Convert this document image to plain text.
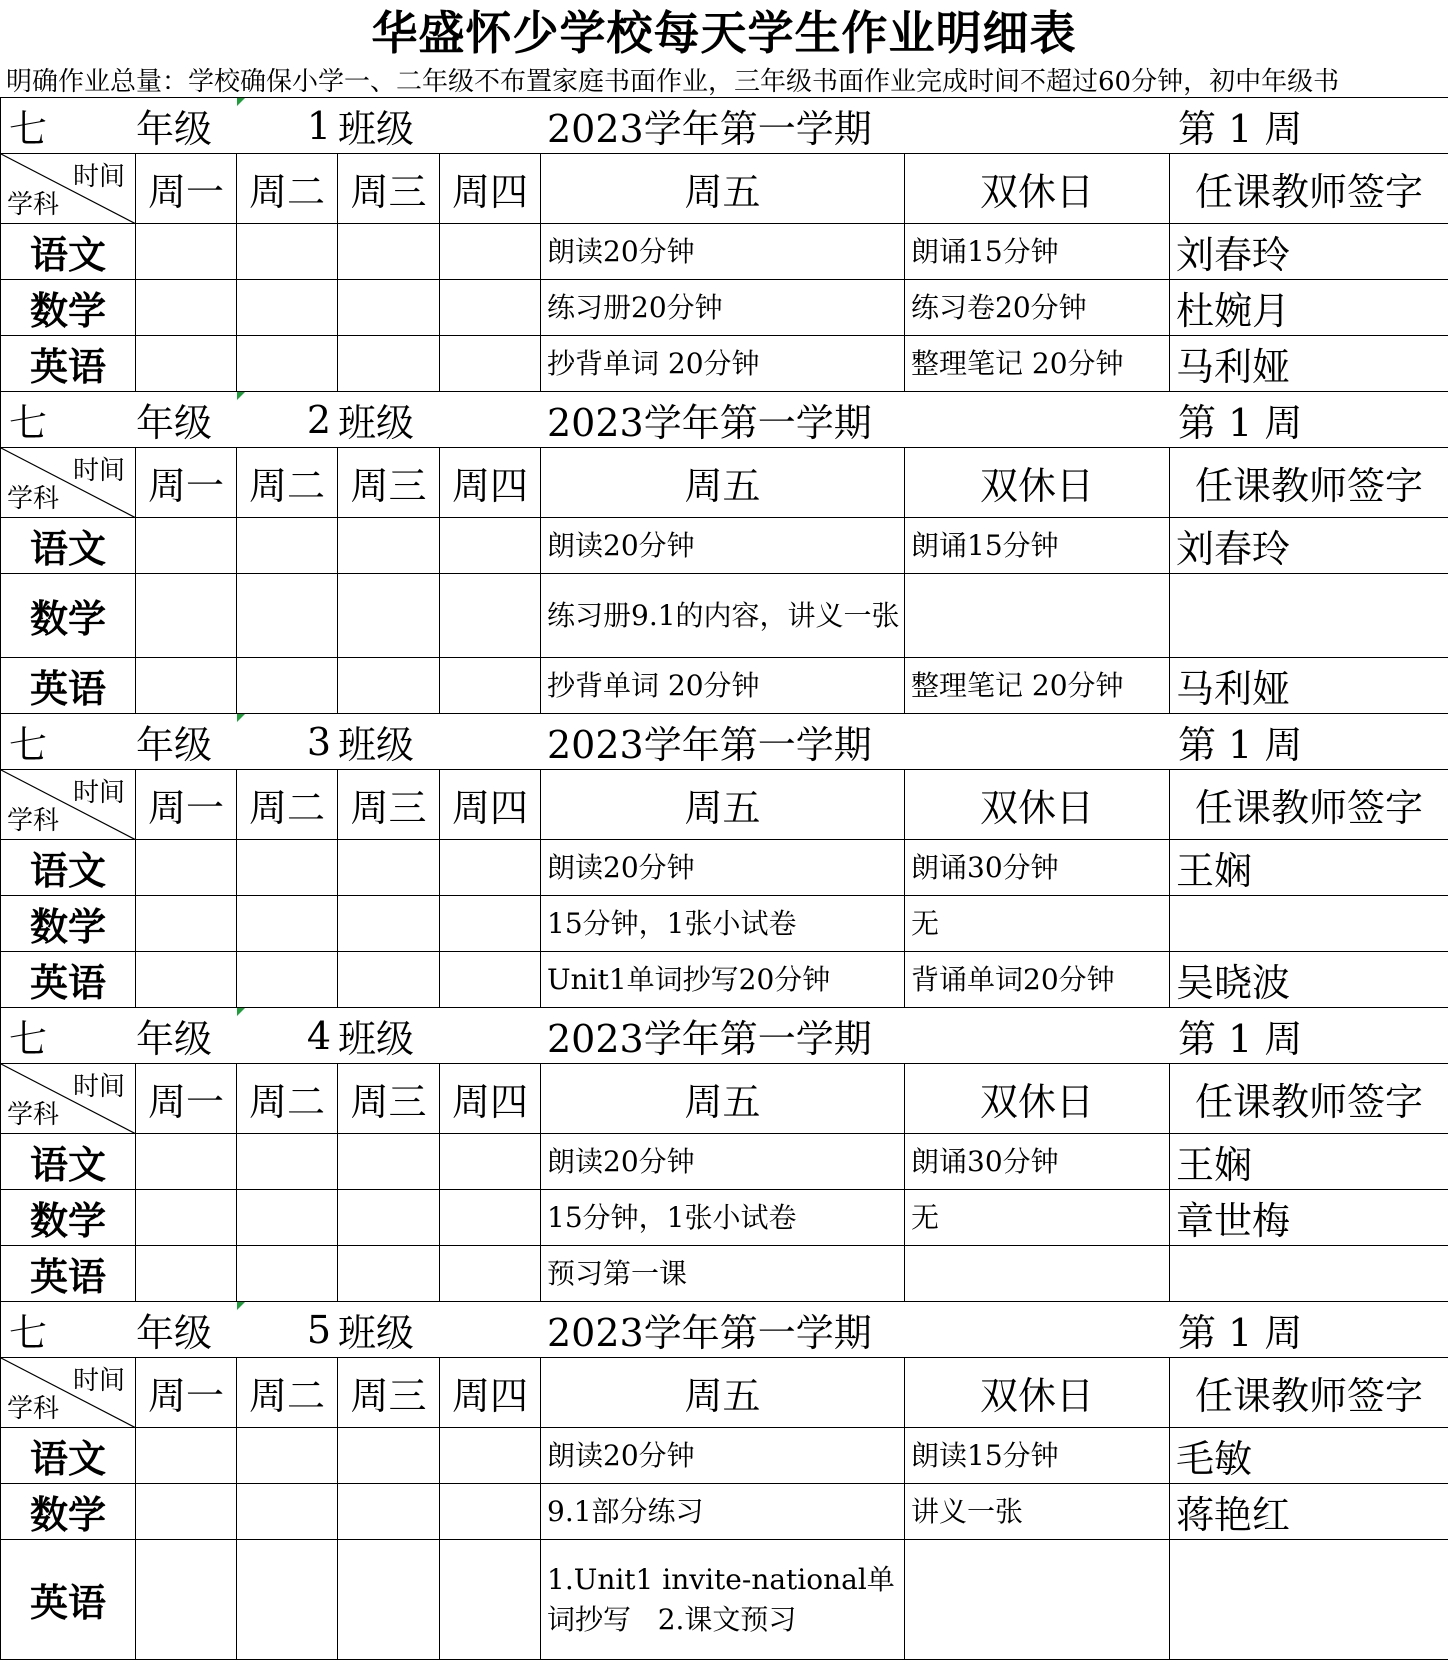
华盛怀少学校每天学生作业明细表
明确作业总量：学校确保小学一、二年级不布置家庭书面作业，三年级书面作业完成时间不超过60分钟，初中年级书
七	年级	1	班级		2023学年第一学期		第 1 周

时间
学科	周一	周二	周三	周四	周五	双休日	任课教师签字
语文					朗读20分钟	朗诵15分钟	刘春玲
数学					练习册20分钟	练习卷20分钟	杜婉月
英语					抄背单词 20分钟	整理笔记 20分钟	马利娅
七	年级	2	班级		2023学年第一学期		第 1 周

时间
学科	周一	周二	周三	周四	周五	双休日	任课教师签字
语文					朗读20分钟	朗诵15分钟	刘春玲
数学					练习册9.1的内容，讲义一张		
英语					抄背单词 20分钟	整理笔记 20分钟	马利娅
七	年级	3	班级		2023学年第一学期		第 1 周

时间
学科	周一	周二	周三	周四	周五	双休日	任课教师签字
语文					朗读20分钟	朗诵30分钟	王娴
数学					15分钟，1张小试卷	无	
英语					Unit1单词抄写20分钟	背诵单词20分钟	吴晓波
七	年级	4	班级		2023学年第一学期		第 1 周

时间
学科	周一	周二	周三	周四	周五	双休日	任课教师签字
语文					朗读20分钟	朗诵30分钟	王娴
数学					15分钟，1张小试卷	无	章世梅
英语					预习第一课		
七	年级	5	班级		2023学年第一学期		第 1 周

时间
学科	周一	周二	周三	周四	周五	双休日	任课教师签字
语文					朗读20分钟	朗读15分钟	毛敏
数学					9.1部分练习	讲义一张	蒋艳红
英语					1.Unit1 invite-national单词抄写   2.课文预习		
